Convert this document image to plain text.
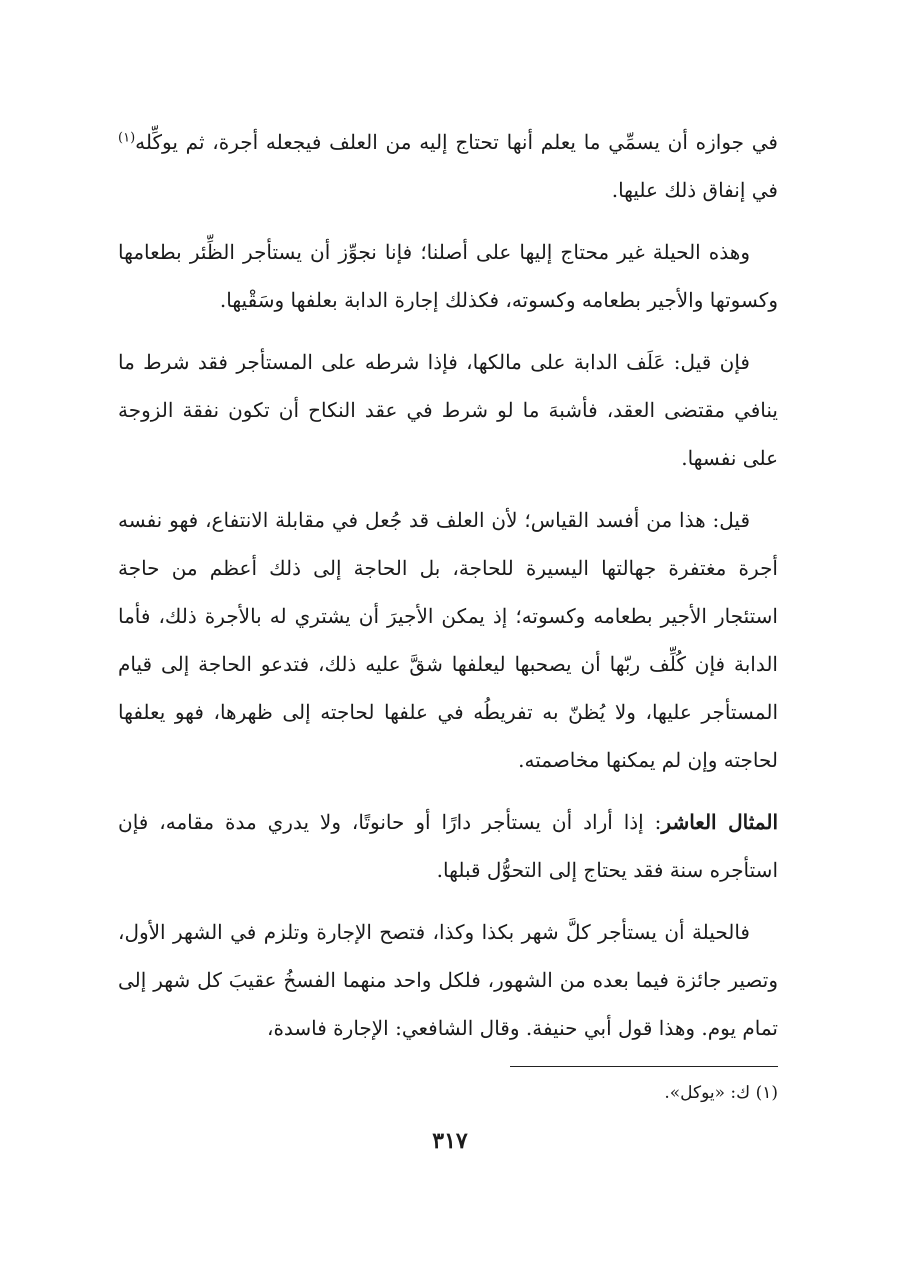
في جوازه أن يسمِّي ما يعلم أنها تحتاج إليه من العلف فيجعله أجرة، ثم يوكِّله$^{(١)}$ في إنفاق ذلك عليها.

وهذه الحيلة غير محتاج إليها على أصلنا؛ فإنا نجوِّز أن يستأجر الظِّئر بطعامها وكسوتها والأجير بطعامه وكسوته، فكذلك إجارة الدابة بعلفها وسَقْيها.

فإن قيل: عَلَف الدابة على مالكها، فإذا شرطه على المستأجر فقد شرط ما ينافي مقتضى العقد، فأشبهَ ما لو شرط في عقد النكاح أن تكون نفقة الزوجة على نفسها.

قيل: هذا من أفسد القياس؛ لأن العلف قد جُعل في مقابلة الانتفاع، فهو نفسه أجرة مغتفرة جهالتها اليسيرة للحاجة، بل الحاجة إلى ذلك أعظم من حاجة استئجار الأجير بطعامه وكسوته؛ إذ يمكن الأجيرَ أن يشتري له بالأجرة ذلك، فأما الدابة فإن كُلِّف ربّها أن يصحبها ليعلفها شقَّ عليه ذلك، فتدعو الحاجة إلى قيام المستأجر عليها، ولا يُظنّ به تفريطُه في علفها لحاجته إلى ظهرها، فهو يعلفها لحاجته وإن لم يمكنها مخاصمته.

المثال العاشر: إذا أراد أن يستأجر دارًا أو حانوتًا، ولا يدري مدة مقامه، فإن استأجره سنة فقد يحتاج إلى التحوُّل قبلها.

فالحيلة أن يستأجر كلَّ شهر بكذا وكذا، فتصح الإجارة وتلزم في الشهر الأول، وتصير جائزة فيما بعده من الشهور، فلكل واحد منهما الفسخُ عقيبَ كل شهر إلى تمام يوم. وهذا قول أبي حنيفة. وقال الشافعي: الإجارة فاسدة،

(١) ك: «يوكل».
٣١٧
